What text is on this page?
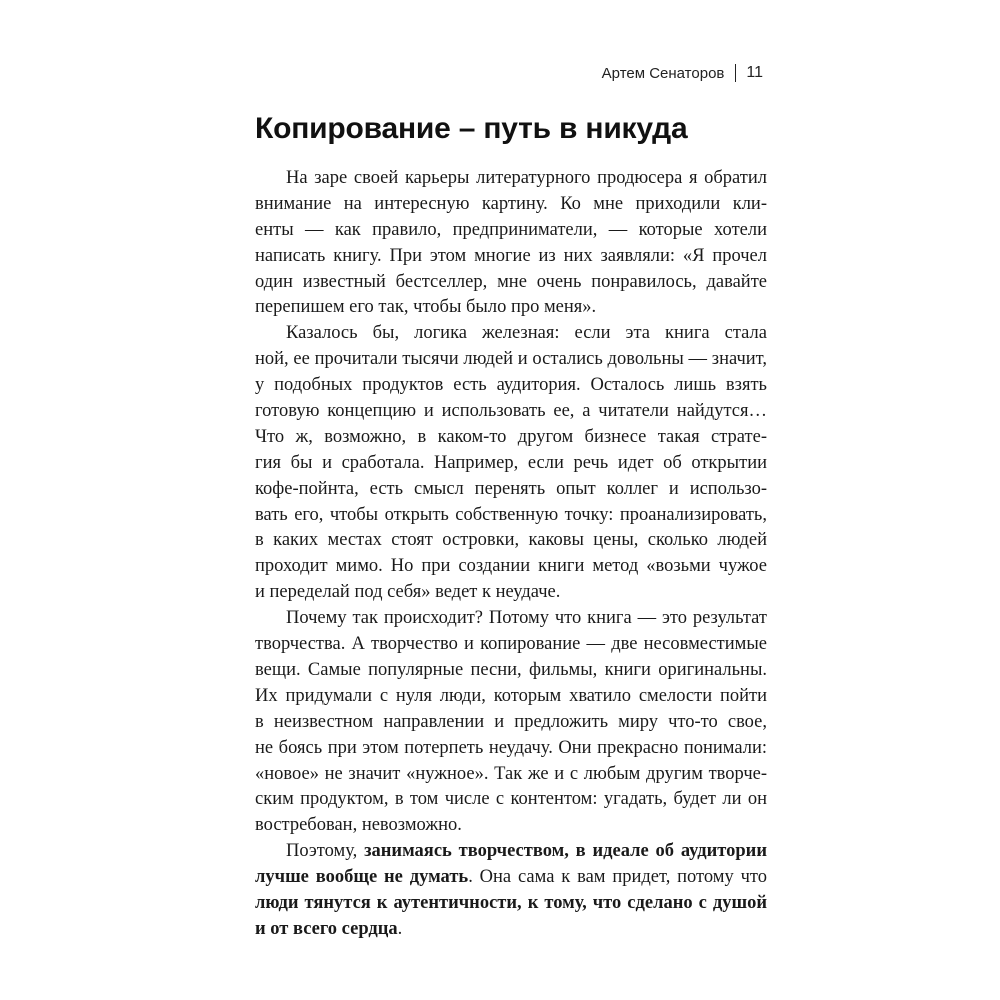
Артем Сенаторов 11
Копирование – путь в никуда

На заре своей карьеры литературного продюсера я обратил
внимание на интересную картину. Ко мне приходили кли-
енты — как правило, предприниматели, — которые хотели
написать книгу. При этом многие из них заявляли: «Я прочел
один известный бестселлер, мне очень понравилось, давайте
перепишем его так, чтобы было про меня».

Казалось бы, логика железная: если эта книга стала
ной, ее прочитали тысячи людей и остались довольны — значит,
у подобных продуктов есть аудитория. Осталось лишь взять
готовую концепцию и использовать ее, а читатели найдутся…
Что ж, возможно, в каком-то другом бизнесе такая страте-
гия бы и сработала. Например, если речь идет об открытии
кофе-пойнта, есть смысл перенять опыт коллег и использо-
вать его, чтобы открыть собственную точку: проанализировать,
в каких местах стоят островки, каковы цены, сколько людей
проходит мимо. Но при создании книги метод «возьми чужое
и переделай под себя» ведет к неудаче.

Почему так происходит? Потому что книга — это результат
творчества. А творчество и копирование — две несовместимые
вещи. Самые популярные песни, фильмы, книги оригинальны.
Их придумали с нуля люди, которым хватило смелости пойти
в неизвестном направлении и предложить миру что-то свое,
не боясь при этом потерпеть неудачу. Они прекрасно понимали:
«новое» не значит «нужное». Так же и с любым другим творче-
ским продуктом, в том числе с контентом: угадать, будет ли он
востребован, невозможно.

Поэтому, занимаясь творчеством, в идеале об аудитории
лучше вообще не думать. Она сама к вам придет, потому что
люди тянутся к аутентичности, к тому, что сделано с душой
и от всего сердца.
